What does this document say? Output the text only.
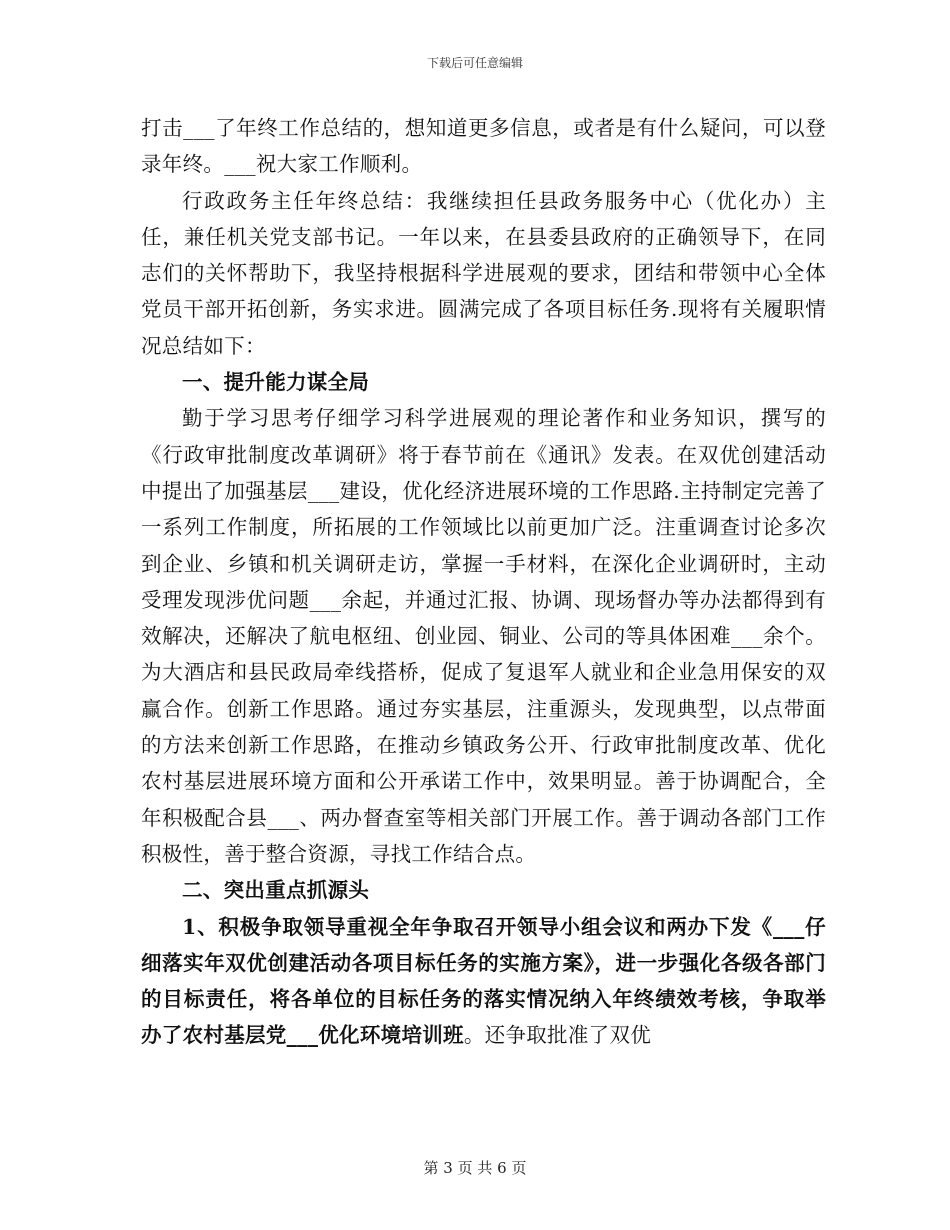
下载后可任意编辑

打击___了年终工作总结的，想知道更多信息，或者是有什么疑问，可以登录年终。___祝大家工作顺利。

行政政务主任年终总结：我继续担任县政务服务中心（优化办）主任，兼任机关党支部书记。一年以来，在县委县政府的正确领导下，在同志们的关怀帮助下，我坚持根据科学进展观的要求，团结和带领中心全体党员干部开拓创新，务实求进。圆满完成了各项目标任务.现将有关履职情况总结如下：

一、提升能力谋全局

勤于学习思考仔细学习科学进展观的理论著作和业务知识，撰写的《行政审批制度改革调研》将于春节前在《通讯》发表。在双优创建活动中提出了加强基层___建设，优化经济进展环境的工作思路.主持制定完善了一系列工作制度，所拓展的工作领域比以前更加广泛。注重调查讨论多次到企业、乡镇和机关调研走访，掌握一手材料，在深化企业调研时，主动受理发现涉优问题___余起，并通过汇报、协调、现场督办等办法都得到有效解决，还解决了航电枢纽、创业园、铜业、公司的等具体困难___余个。为大酒店和县民政局牵线搭桥，促成了复退军人就业和企业急用保安的双赢合作。创新工作思路。通过夯实基层，注重源头，发现典型，以点带面的方法来创新工作思路，在推动乡镇政务公开、行政审批制度改革、优化农村基层进展环境方面和公开承诺工作中，效果明显。善于协调配合，全年积极配合县___、两办督查室等相关部门开展工作。善于调动各部门工作积极性，善于整合资源，寻找工作结合点。

二、突出重点抓源头

1、积极争取领导重视全年争取召开领导小组会议和两办下发《___仔细落实年双优创建活动各项目标任务的实施方案》，进一步强化各级各部门的目标责任，将各单位的目标任务的落实情况纳入年终绩效考核，争取举办了农村基层党___优化环境培训班。还争取批准了双优

第 3 页 共 6 页
